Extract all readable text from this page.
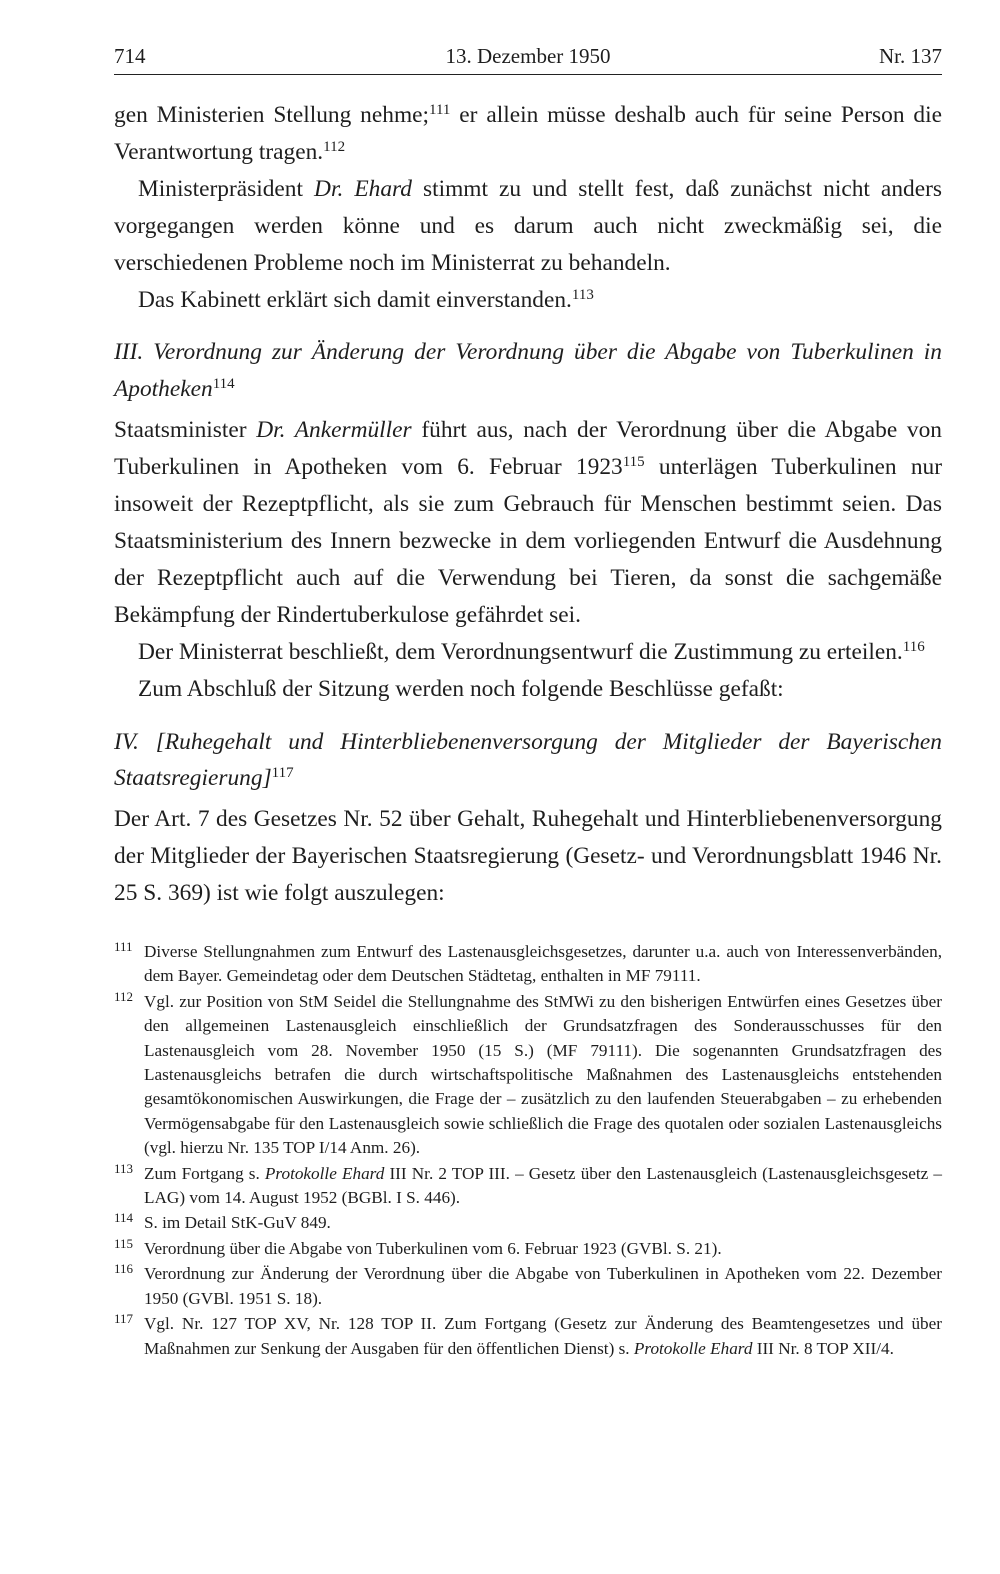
714	13. Dezember 1950	Nr. 137

gen Ministerien Stellung nehme;$^{111}$ er allein müsse deshalb auch für seine Person die Verantwortung tragen.$^{112}$

Ministerpräsident Dr. Ehard stimmt zu und stellt fest, daß zunächst nicht anders vorgegangen werden könne und es darum auch nicht zweckmäßig sei, die verschiedenen Probleme noch im Ministerrat zu behandeln.

Das Kabinett erklärt sich damit einverstanden.$^{113}$

III. Verordnung zur Änderung der Verordnung über die Abgabe von Tuberkulinen in Apotheken$^{114}$

Staatsminister Dr. Ankermüller führt aus, nach der Verordnung über die Abgabe von Tuberkulinen in Apotheken vom 6. Februar 1923$^{115}$ unterlägen Tuberkulinen nur insoweit der Rezeptpflicht, als sie zum Gebrauch für Menschen bestimmt seien. Das Staatsministerium des Innern bezwecke in dem vorliegenden Entwurf die Ausdehnung der Rezeptpflicht auch auf die Verwendung bei Tieren, da sonst die sachgemäße Bekämpfung der Rindertuberkulose gefährdet sei.

Der Ministerrat beschließt, dem Verordnungsentwurf die Zustimmung zu erteilen.$^{116}$

Zum Abschluß der Sitzung werden noch folgende Beschlüsse gefaßt:

IV. [Ruhegehalt und Hinterbliebenenversorgung der Mitglieder der Bayerischen Staatsregierung]$^{117}$

Der Art. 7 des Gesetzes Nr. 52 über Gehalt, Ruhegehalt und Hinterbliebenenversorgung der Mitglieder der Bayerischen Staatsregierung (Gesetz- und Verordnungsblatt 1946 Nr. 25 S. 369) ist wie folgt auszulegen:

111 Diverse Stellungnahmen zum Entwurf des Lastenausgleichsgesetzes, darunter u.a. auch von Interessenverbänden, dem Bayer. Gemeindetag oder dem Deutschen Städtetag, enthalten in MF 79111.
112 Vgl. zur Position von StM Seidel die Stellungnahme des StMWi zu den bisherigen Entwürfen eines Gesetzes über den allgemeinen Lastenausgleich einschließlich der Grundsatzfragen des Sonderausschusses für den Lastenausgleich vom 28. November 1950 (15 S.) (MF 79111). Die sogenannten Grundsatzfragen des Lastenausgleichs betrafen die durch wirtschaftspolitische Maßnahmen des Lastenausgleichs entstehenden gesamtökonomischen Auswirkungen, die Frage der – zusätzlich zu den laufenden Steuerabgaben – zu erhebenden Vermögensabgabe für den Lastenausgleich sowie schließlich die Frage des quotalen oder sozialen Lastenausgleichs (vgl. hierzu Nr. 135 TOP I/14 Anm. 26).
113 Zum Fortgang s. Protokolle Ehard III Nr. 2 TOP III. – Gesetz über den Lastenausgleich (Lastenausgleichsgesetz – LAG) vom 14. August 1952 (BGBl. I S. 446).
114 S. im Detail StK-GuV 849.
115 Verordnung über die Abgabe von Tuberkulinen vom 6. Februar 1923 (GVBl. S. 21).
116 Verordnung zur Änderung der Verordnung über die Abgabe von Tuberkulinen in Apotheken vom 22. Dezember 1950 (GVBl. 1951 S. 18).
117 Vgl. Nr. 127 TOP XV, Nr. 128 TOP II. Zum Fortgang (Gesetz zur Änderung des Beamtengesetzes und über Maßnahmen zur Senkung der Ausgaben für den öffentlichen Dienst) s. Protokolle Ehard III Nr. 8 TOP XII/4.
